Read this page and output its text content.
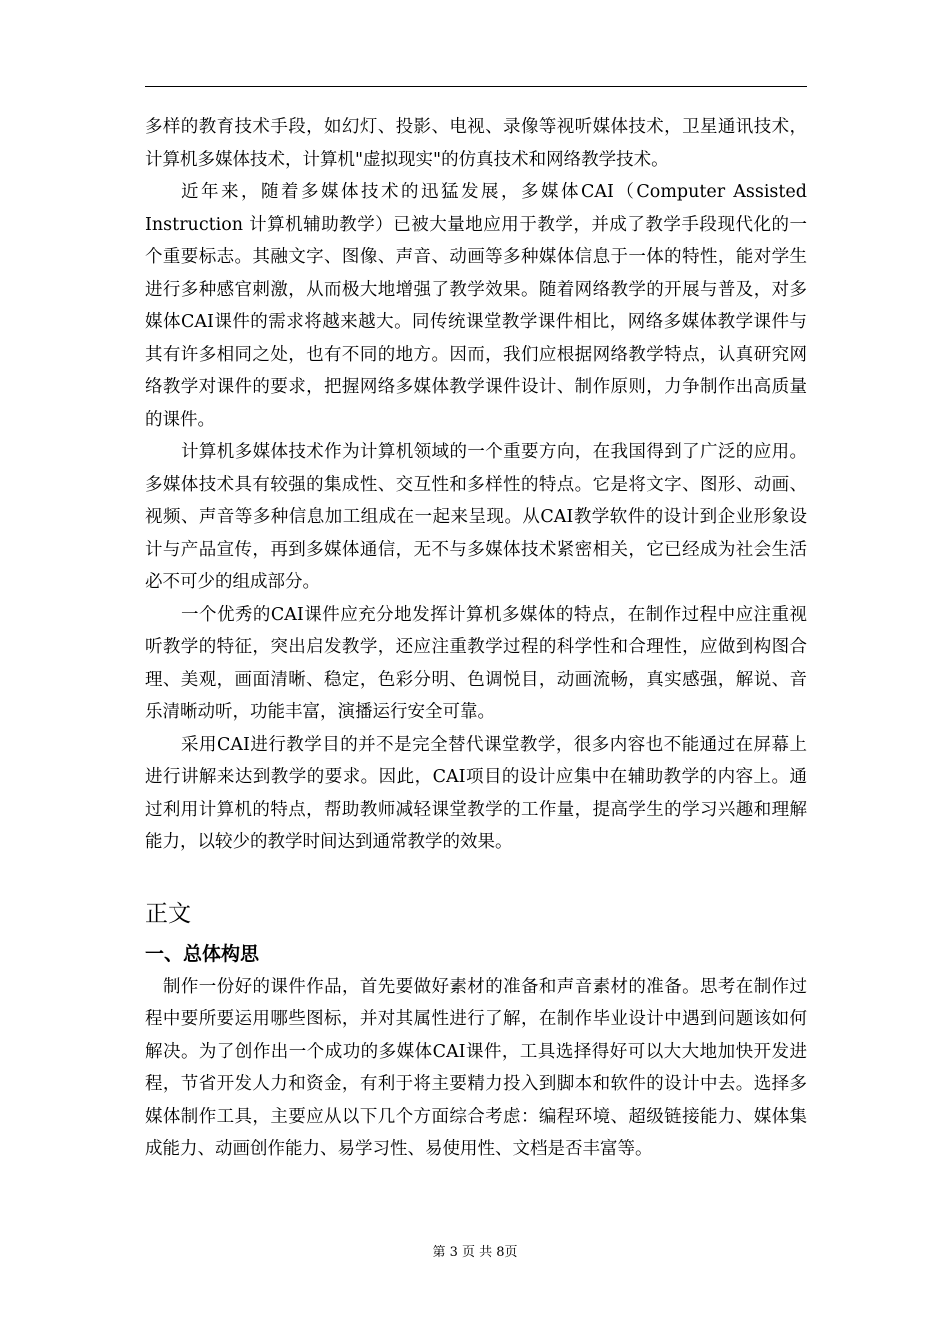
多样的教育技术手段，如幻灯、投影、电视、录像等视听媒体技术，卫星通讯技术，计算机多媒体技术，计算机"虚拟现实"的仿真技术和网络教学技术。

近年来，随着多媒体技术的迅猛发展，多媒体CAI（Computer Assisted Instruction 计算机辅助教学）已被大量地应用于教学，并成了教学手段现代化的一个重要标志。其融文字、图像、声音、动画等多种媒体信息于一体的特性，能对学生进行多种感官刺激，从而极大地增强了教学效果。随着网络教学的开展与普及，对多媒体CAI课件的需求将越来越大。同传统课堂教学课件相比，网络多媒体教学课件与其有许多相同之处，也有不同的地方。因而，我们应根据网络教学特点，认真研究网络教学对课件的要求，把握网络多媒体教学课件设计、制作原则，力争制作出高质量的课件。

计算机多媒体技术作为计算机领域的一个重要方向，在我国得到了广泛的应用。多媒体技术具有较强的集成性、交互性和多样性的特点。它是将文字、图形、动画、视频、声音等多种信息加工组成在一起来呈现。从CAI教学软件的设计到企业形象设计与产品宣传，再到多媒体通信，无不与多媒体技术紧密相关，它已经成为社会生活必不可少的组成部分。

一个优秀的CAI课件应充分地发挥计算机多媒体的特点，在制作过程中应注重视听教学的特征，突出启发教学，还应注重教学过程的科学性和合理性，应做到构图合理、美观，画面清晰、稳定，色彩分明、色调悦目，动画流畅，真实感强，解说、音乐清晰动听，功能丰富，演播运行安全可靠。

采用CAI进行教学目的并不是完全替代课堂教学，很多内容也不能通过在屏幕上进行讲解来达到教学的要求。因此，CAI项目的设计应集中在辅助教学的内容上。通过利用计算机的特点，帮助教师减轻课堂教学的工作量，提高学生的学习兴趣和理解能力，以较少的教学时间达到通常教学的效果。

正文
一、总体构思

制作一份好的课件作品，首先要做好素材的准备和声音素材的准备。思考在制作过程中要所要运用哪些图标，并对其属性进行了解，在制作毕业设计中遇到问题该如何解决。为了创作出一个成功的多媒体CAI课件，工具选择得好可以大大地加快开发进程，节省开发人力和资金，有利于将主要精力投入到脚本和软件的设计中去。选择多媒体制作工具，主要应从以下几个方面综合考虑：编程环境、超级链接能力、媒体集成能力、动画创作能力、易学习性、易使用性、文档是否丰富等。

第 3 页 共 8页
